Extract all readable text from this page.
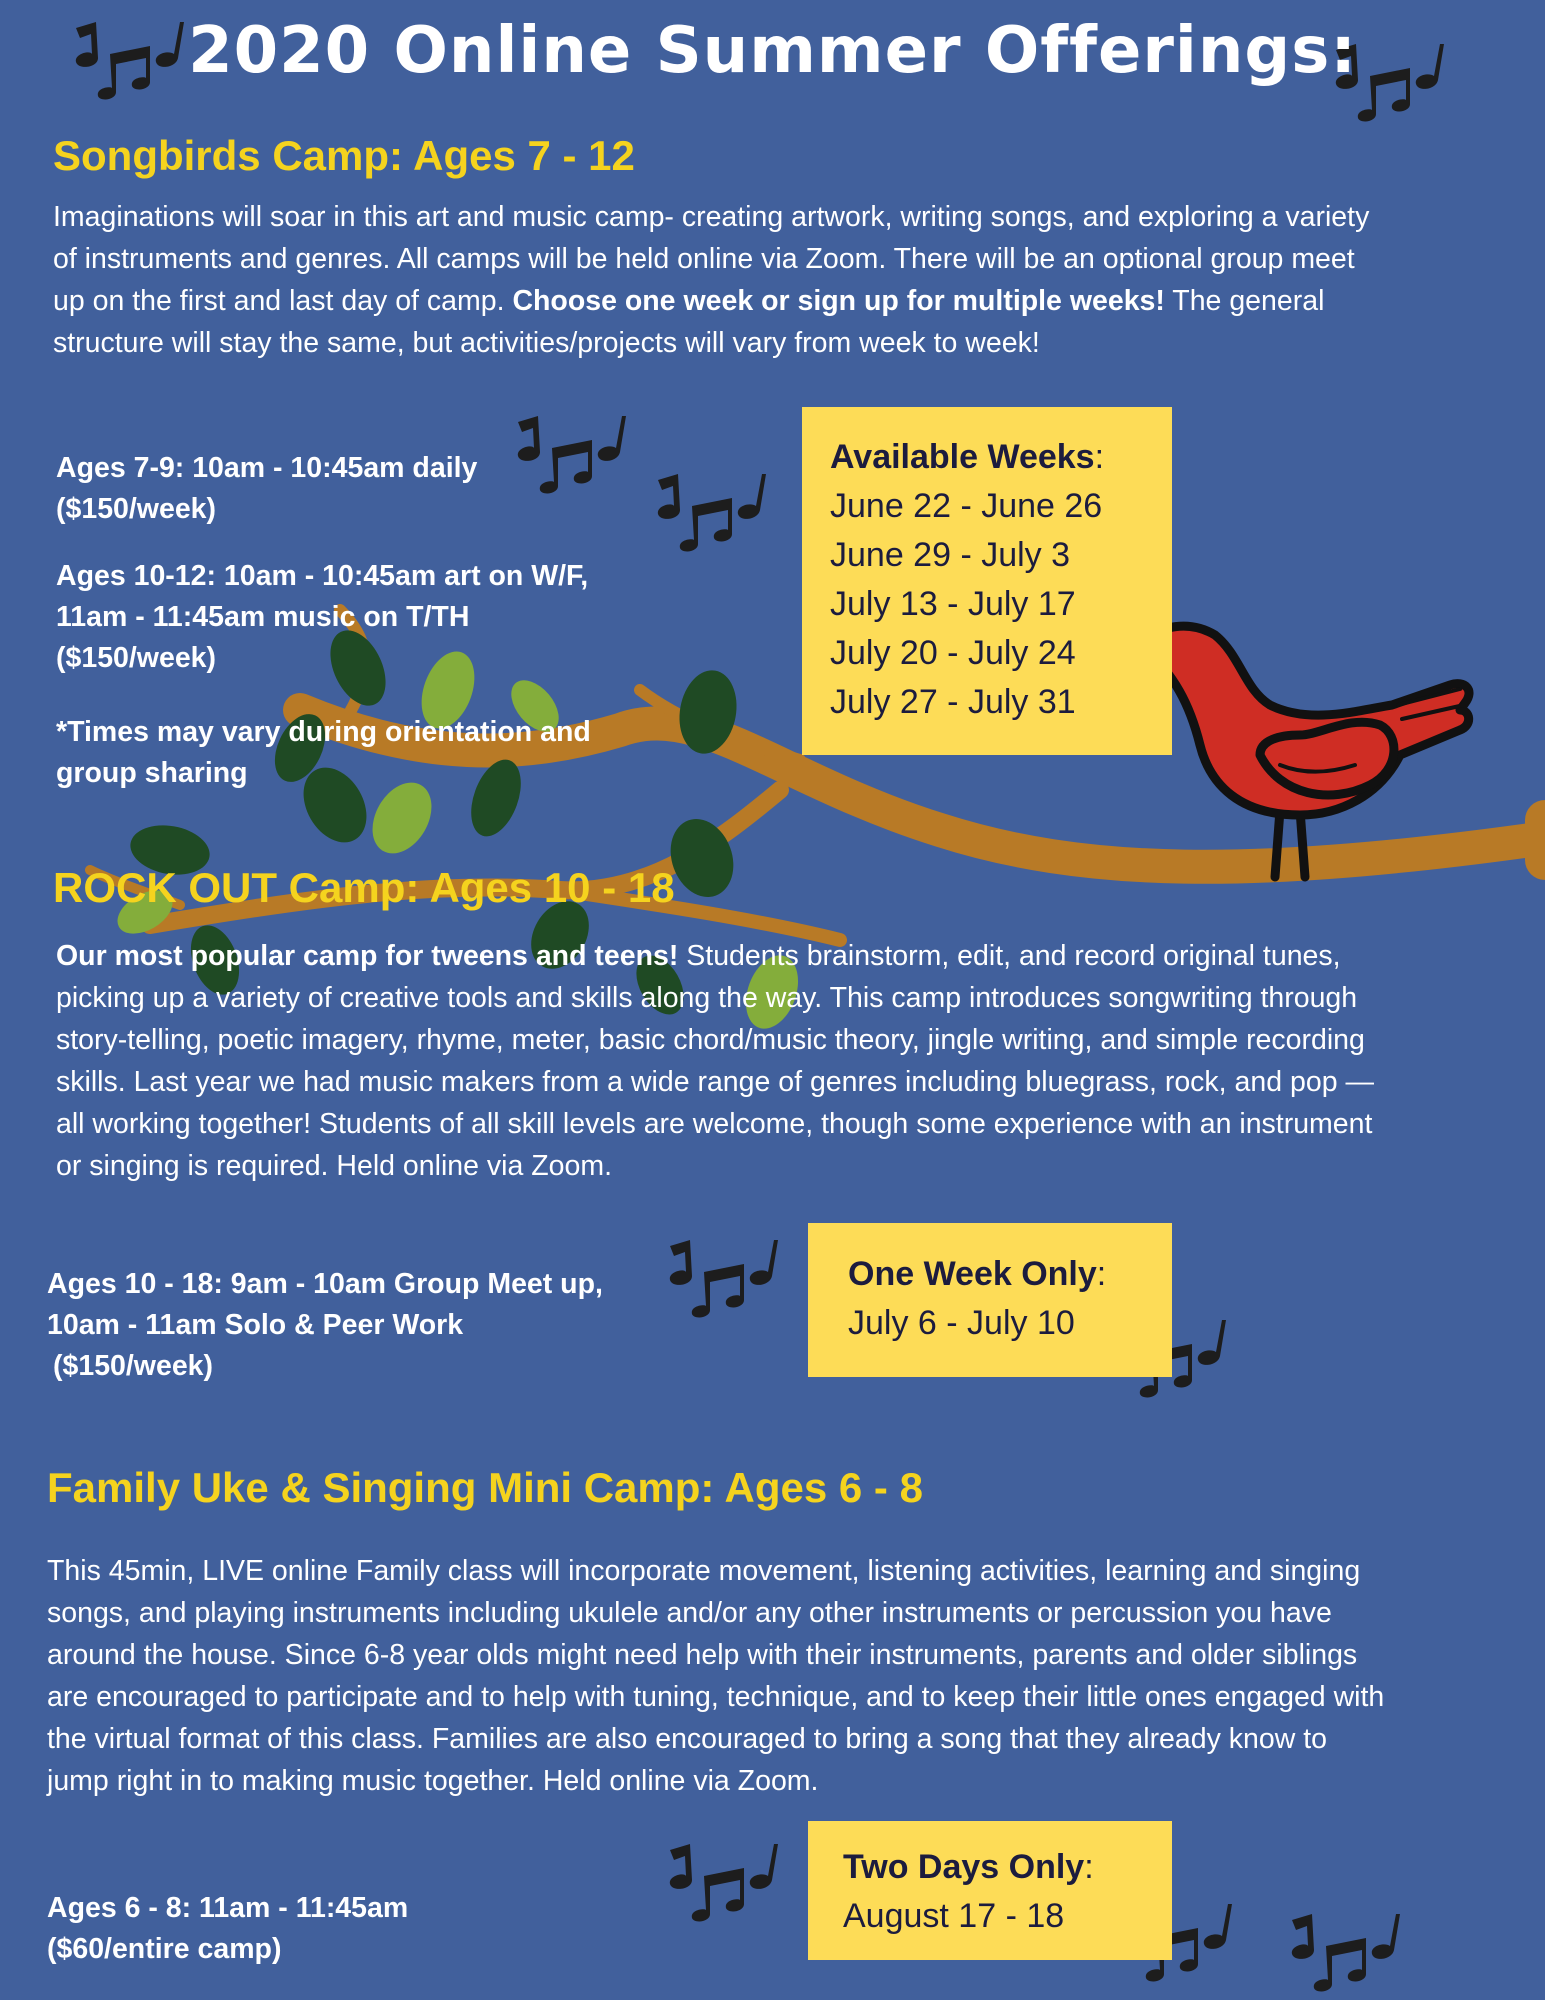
2020 Online Summer Offerings:
Songbirds Camp: Ages 7 - 12
Imaginations will soar in this art and music camp- creating artwork, writing songs, and exploring a variety of instruments and genres. All camps will be held online via Zoom. There will be an optional group meet up on the first and last day of camp. Choose one week or sign up for multiple weeks! The general structure will stay the same, but activities/projects will vary from week to week!
Ages 7-9: 10am - 10:45am daily ($150/week)
Ages 10-12: 10am - 10:45am art on W/F, 11am - 11:45am music on T/TH ($150/week)
*Times may vary during orientation and group sharing
Available Weeks:
June 22 - June 26
June 29 - July 3
July 13 - July 17
July 20 - July 24
July 27 - July 31
ROCK OUT Camp: Ages 10 - 18
Our most popular camp for tweens and teens! Students brainstorm, edit, and record original tunes, picking up a variety of creative tools and skills along the way. This camp introduces songwriting through story-telling, poetic imagery, rhyme, meter, basic chord/music theory, jingle writing, and simple recording skills. Last year we had music makers from a wide range of genres including bluegrass, rock, and pop — all working together! Students of all skill levels are welcome, though some experience with an instrument or singing is required. Held online via Zoom.
Ages 10 - 18: 9am - 10am Group Meet up, 10am - 11am Solo & Peer Work
($150/week)
One Week Only:
July 6 - July 10
Family Uke & Singing Mini Camp: Ages 6 - 8
This 45min, LIVE online Family class will incorporate movement, listening activities, learning and singing songs, and playing instruments including ukulele and/or any other instruments or percussion you have around the house. Since 6-8 year olds might need help with their instruments, parents and older siblings are encouraged to participate and to help with tuning, technique, and to keep their little ones engaged with the virtual format of this class. Families are also encouraged to bring a song that they already know to jump right in to making music together. Held online via Zoom.
Ages 6 - 8: 11am - 11:45am
($60/entire camp)
Two Days Only:
August 17 - 18
